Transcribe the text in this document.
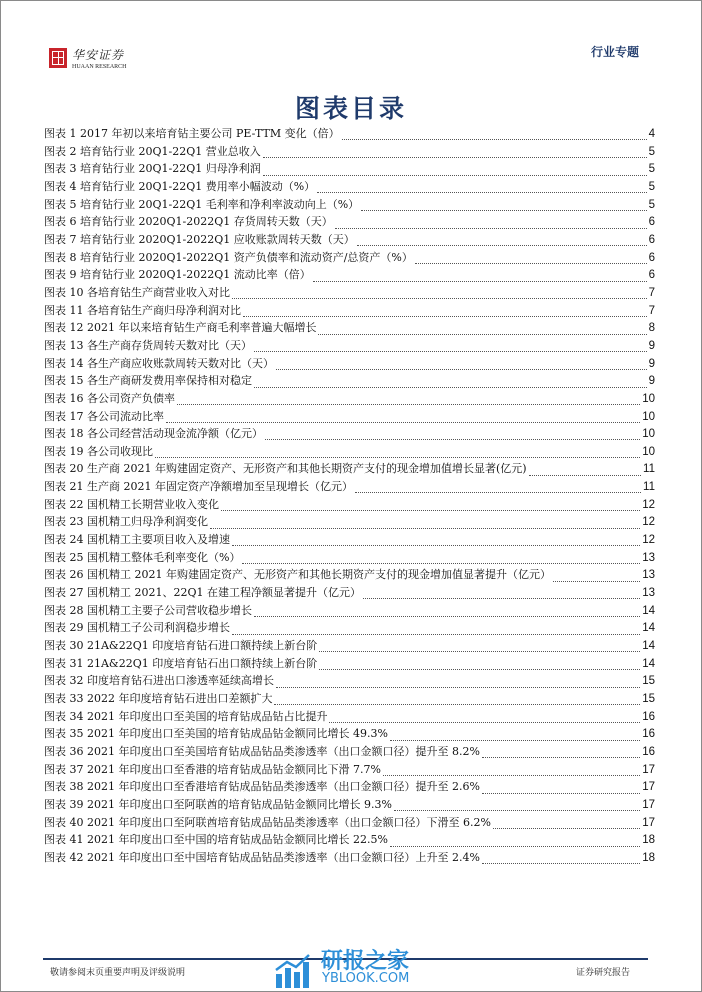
华安证券
HUAAN RESEARCH
行业专题
图表目录
图表 1 2017 年初以来培育钻主要公司 PE-TTM 变化（倍）	4
图表 2 培育钻行业 20Q1-22Q1 营业总收入	5
图表 3 培育钻行业 20Q1-22Q1 归母净利润	5
图表 4 培育钻行业 20Q1-22Q1 费用率小幅波动（%）	5
图表 5 培育钻行业 20Q1-22Q1 毛利率和净利率波动向上（%）	5
图表 6 培育钻行业 2020Q1-2022Q1 存货周转天数（天）	6
图表 7 培育钻行业 2020Q1-2022Q1 应收账款周转天数（天）	6
图表 8 培育钻行业 2020Q1-2022Q1 资产负债率和流动资产/总资产（%）	6
图表 9 培育钻行业 2020Q1-2022Q1 流动比率（倍）	6
图表 10 各培育钻生产商营业收入对比	7
图表 11 各培育钻生产商归母净利润对比	7
图表 12 2021 年以来培育钻生产商毛利率普遍大幅增长	8
图表 13 各生产商存货周转天数对比（天）	9
图表 14 各生产商应收账款周转天数对比（天）	9
图表 15 各生产商研发费用率保持相对稳定	9
图表 16 各公司资产负债率	10
图表 17 各公司流动比率	10
图表 18 各公司经营活动现金流净额（亿元）	10
图表 19 各公司收现比	10
图表 20 生产商 2021 年购建固定资产、无形资产和其他长期资产支付的现金增加值增长显著(亿元)	11
图表 21 生产商 2021 年固定资产净额增加至呈现增长（亿元）	11
图表 22 国机精工长期营业收入变化	12
图表 23 国机精工归母净利润变化	12
图表 24 国机精工主要项目收入及增速	12
图表 25 国机精工整体毛利率变化（%）	13
图表 26 国机精工 2021 年购建固定资产、无形资产和其他长期资产支付的现金增加值显著提升（亿元）	13
图表 27 国机精工 2021、22Q1 在建工程净额显著提升（亿元）	13
图表 28 国机精工主要子公司营收稳步增长	14
图表 29 国机精工子公司利润稳步增长	14
图表 30 21A&22Q1 印度培育钻石进口额持续上新台阶	14
图表 31 21A&22Q1 印度培育钻石出口额持续上新台阶	14
图表 32 印度培育钻石进出口渗透率延续高增长	15
图表 33 2022 年印度培育钻石进出口差额扩大	15
图表 34 2021 年印度出口至美国的培育钻成品钻占比提升	16
图表 35 2021 年印度出口至美国的培育钻成品钻金额同比增长 49.3%	16
图表 36 2021 年印度出口至美国培育钻成品钻品类渗透率（出口金额口径）提升至 8.2%	16
图表 37 2021 年印度出口至香港的培育钻成品钻金额同比下滑 7.7%	17
图表 38 2021 年印度出口至香港培育钻成品钻品类渗透率（出口金额口径）提升至 2.6%	17
图表 39 2021 年印度出口至阿联酋的培育钻成品钻金额同比增长 9.3%	17
图表 40 2021 年印度出口至阿联酋培育钻成品钻品类渗透率（出口金额口径）下滑至 6.2%	17
图表 41 2021 年印度出口至中国的培育钻成品钻金额同比增长 22.5%	18
图表 42 2021 年印度出口至中国培育钻成品钻品类渗透率（出口金额口径）上升至 2.4%	18
敬请参阅末页重要声明及评级说明	证券研究报告
研报之家
YBLOOK.COM
